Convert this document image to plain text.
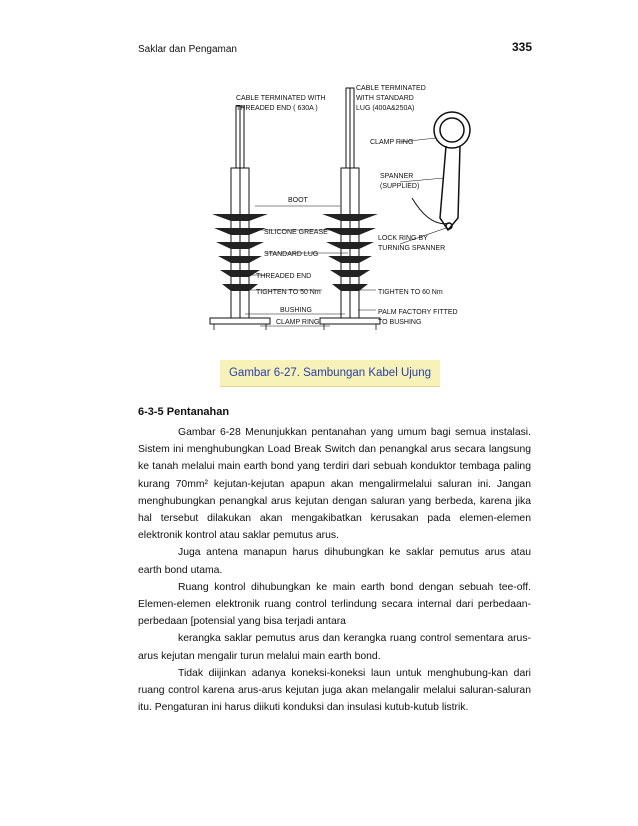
Saklar dan Pengaman	335
CABLE TERMINATED WITH
THREADED END ( 630A )
CABLE TERMINATED
WITH STANDARD
LUG (400A&250A)
CLAMP RING
SPANNER
(SUPPLIED)
BOOT
SILICONE GREASE
STANDARD LUG
LOCK RING BY
TURNING SPANNER
THREADED END
TIGHTEN TO 50 Nm	TIGHTEN TO 60 Nm
BUSHING	PALM FACTORY FITTED
TO BUSHING
CLAMP RING
Gambar 6-27. Sambungan Kabel Ujung
6-3-5 Pentanahan

Gambar 6-28 Menunjukkan pentanahan yang umum bagi semua instalasi. Sistem ini menghubungkan Load Break Switch dan penangkal arus secara langsung ke tanah melalui main earth bond yang terdiri dari sebuah konduktor tembaga paling kurang 70mm² kejutan-kejutan apapun akan mengalirmelalui saluran ini. Jangan menghubungkan penangkal arus kejutan dengan saluran yang berbeda, karena jika hal tersebut dilakukan akan mengakibatkan kerusakan pada elemen-elemen elektronik kontrol atau saklar pemutus arus.

Juga antena manapun harus dihubungkan ke saklar pemutus arus atau earth bond utama.

Ruang kontrol dihubungkan ke main earth bond dengan sebuah tee-off. Elemen-elemen elektronik ruang control terlindung secara internal dari perbedaan-perbedaan [potensial yang bisa terjadi antara

kerangka saklar pemutus arus dan kerangka ruang control sementara arus-arus kejutan mengalir turun melalui main earth bond.

Tidak diijinkan adanya koneksi-koneksi laun untuk menghubung-kan dari ruang control karena arus-arus kejutan juga akan melangalir melalui saluran-saluran itu. Pengaturan ini harus diikuti konduksi dan insulasi kutub-kutub listrik.
